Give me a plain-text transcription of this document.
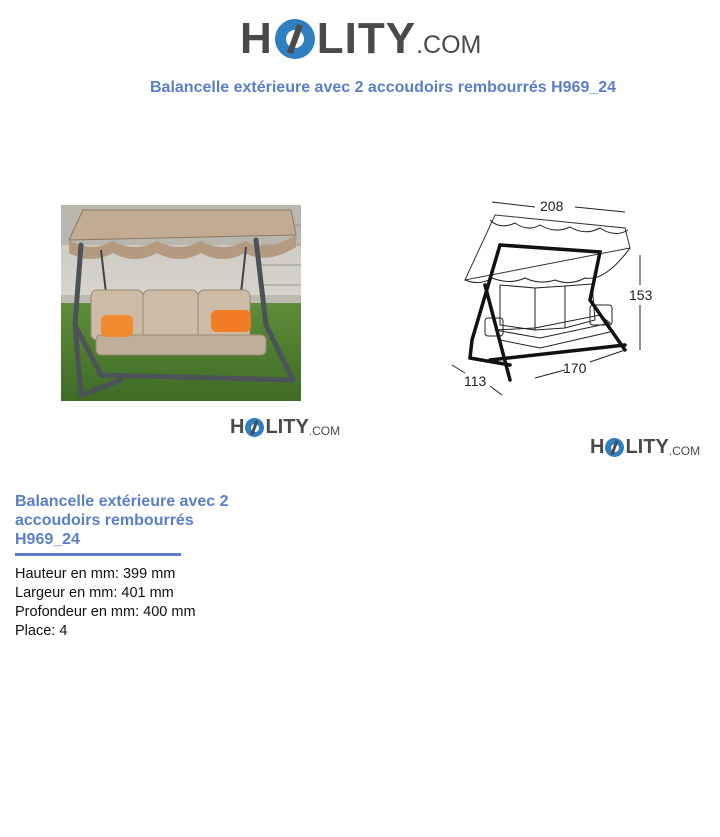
H LITY .COM
Balancelle extérieure avec 2 accoudoirs rembourrés H969_24
H LITY .COM
208
153
113
170
H LITY .COM
Balancelle extérieure avec 2 accoudoirs rembourrés H969_24
Hauteur en mm: 399 mm
Largeur en mm: 401 mm
Profondeur en mm: 400 mm
Place: 4
